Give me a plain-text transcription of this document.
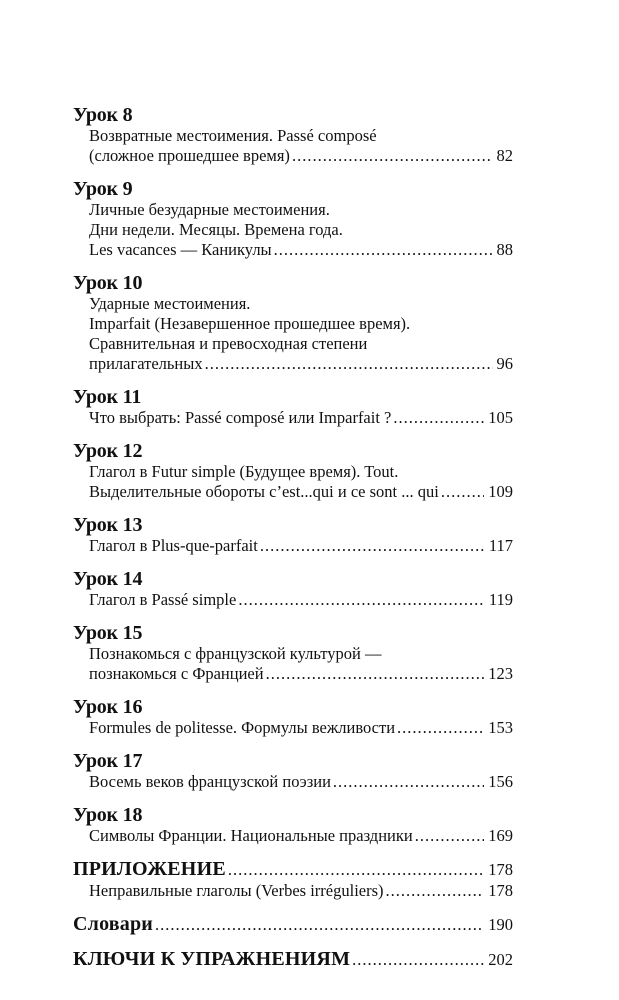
Урок 8
Возвратные местоимения. Passé composé
(сложное прошедшее время) .....	82
Урок 9
Личные безударные местоимения.
Дни недели. Месяцы. Времена года.
Les vacances — Каникулы .....	88
Урок 10
Ударные местоимения.
Imparfait (Незавершенное прошедшее время).
Сравнительная и превосходная степени
прилагательных .....	96
Урок 11
Что выбрать: Passé composé или Imparfait ? .....	105
Урок 12
Глагол в Futur simple (Будущее время). Tout.
Выделительные обороты c’est...qui и ce sont ... qui .....	109
Урок 13
Глагол в Plus-que-parfait .....	117
Урок 14
Глагол в Passé simple .....	119
Урок 15
Познакомься с французской культурой —
познакомься с Францией .....	123
Урок 16
Formules de politesse. Формулы вежливости .....	153
Урок 17
Восемь веков французской поэзии .....	156
Урок 18
Символы Франции. Национальные праздники .....	169
ПРИЛОЖЕНИЕ .....	178
Неправильные глаголы (Verbes irréguliers) .....	178
Словари .....	190
КЛЮЧИ К УПРАЖНЕНИЯМ .....	202
